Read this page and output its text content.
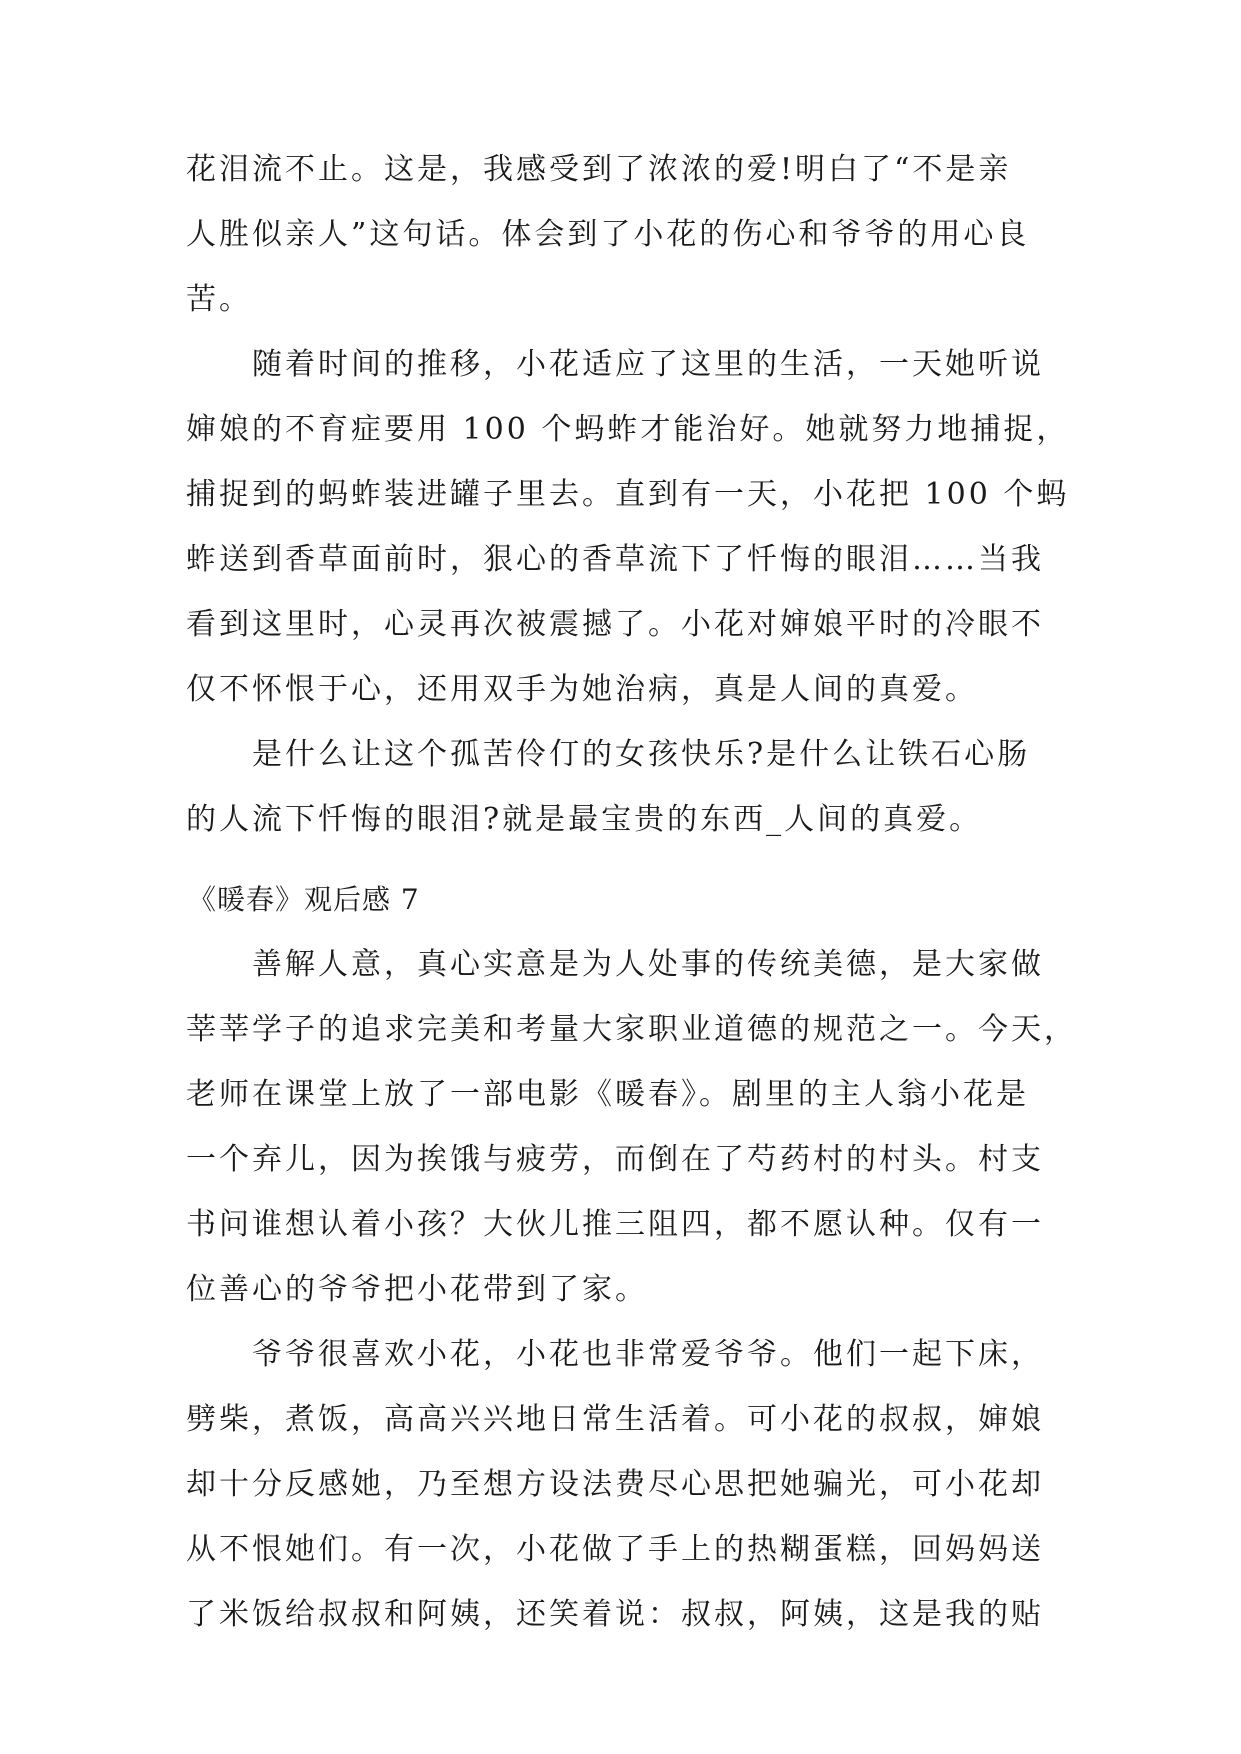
花泪流不止。这是，我感受到了浓浓的爱!明白了“不是亲
人胜似亲人”这句话。体会到了小花的伤心和爷爷的用心良
苦。
　　随着时间的推移，小花适应了这里的生活，一天她听说
婶娘的不育症要用 100 个蚂蚱才能治好。她就努力地捕捉，
捕捉到的蚂蚱装进罐子里去。直到有一天，小花把 100 个蚂
蚱送到香草面前时，狠心的香草流下了忏悔的眼泪……当我
看到这里时，心灵再次被震撼了。小花对婶娘平时的冷眼不
仅不怀恨于心，还用双手为她治病，真是人间的真爱。
　　是什么让这个孤苦伶仃的女孩快乐?是什么让铁石心肠
的人流下忏悔的眼泪?就是最宝贵的东西_人间的真爱。
《暖春》观后感 7
　　善解人意，真心实意是为人处事的传统美德，是大家做
莘莘学子的追求完美和考量大家职业道德的规范之一。今天，
老师在课堂上放了一部电影《暖春》。剧里的主人翁小花是
一个弃儿，因为挨饿与疲劳，而倒在了芍药村的村头。村支
书问谁想认着小孩？大伙儿推三阻四，都不愿认种。仅有一
位善心的爷爷把小花带到了家。
　　爷爷很喜欢小花，小花也非常爱爷爷。他们一起下床，
劈柴，煮饭，高高兴兴地日常生活着。可小花的叔叔，婶娘
却十分反感她，乃至想方设法费尽心思把她骗光，可小花却
从不恨她们。有一次，小花做了手上的热糊蛋糕，回妈妈送
了米饭给叔叔和阿姨，还笑着说：叔叔，阿姨，这是我的贴
